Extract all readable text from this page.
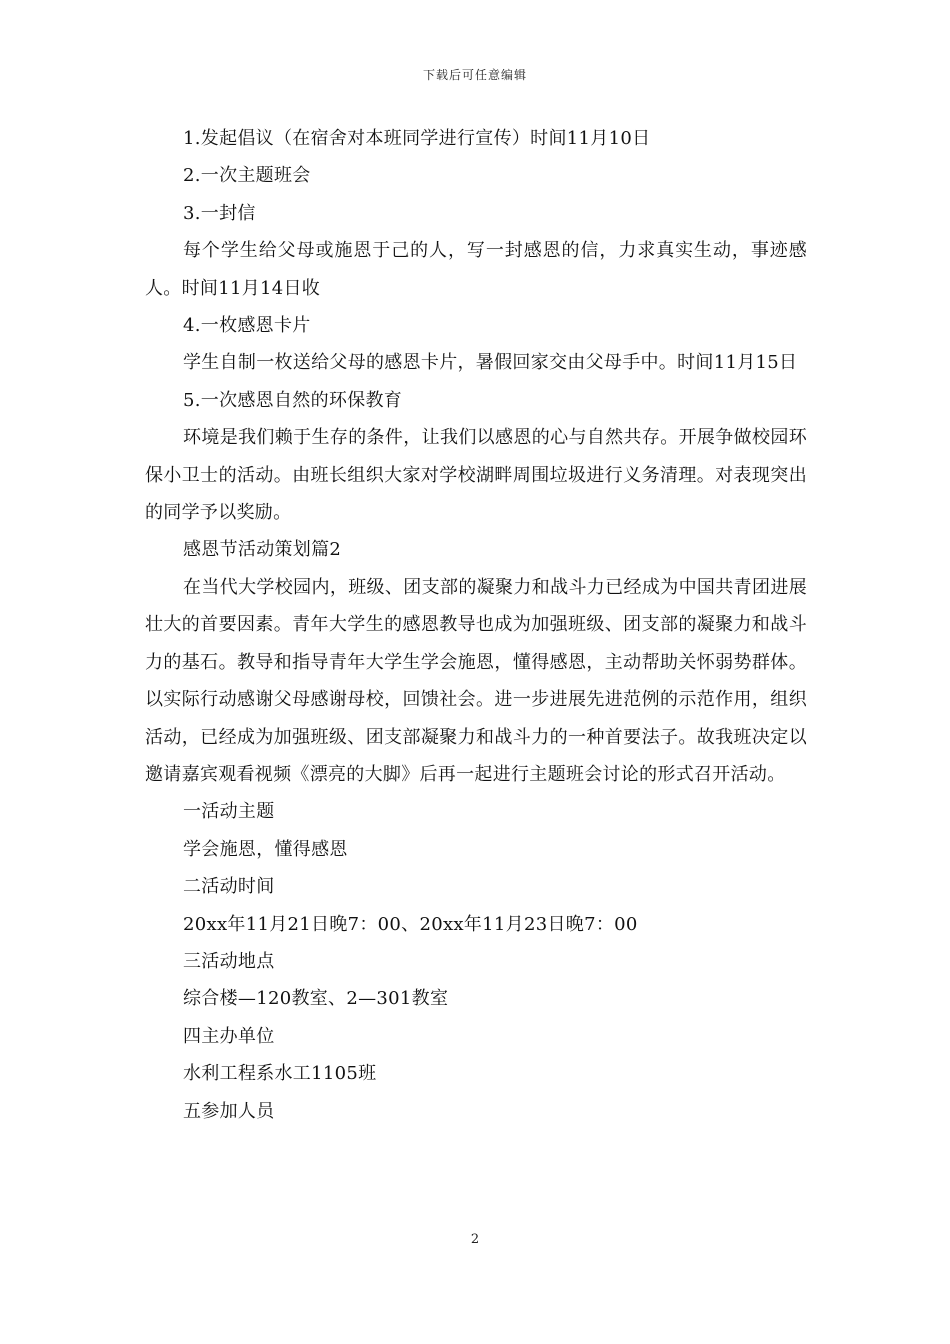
下载后可任意编辑

1.发起倡议（在宿舍对本班同学进行宣传）时间11月10日

2.一次主题班会

3.一封信

每个学生给父母或施恩于己的人，写一封感恩的信，力求真实生动，事迹感人。时间11月14日收

4.一枚感恩卡片

学生自制一枚送给父母的感恩卡片，暑假回家交由父母手中。时间11月15日

5.一次感恩自然的环保教育

环境是我们赖于生存的条件，让我们以感恩的心与自然共存。开展争做校园环保小卫士的活动。由班长组织大家对学校湖畔周围垃圾进行义务清理。对表现突出的同学予以奖励。

感恩节活动策划篇2

在当代大学校园内，班级、团支部的凝聚力和战斗力已经成为中国共青团进展壮大的首要因素。青年大学生的感恩教导也成为加强班级、团支部的凝聚力和战斗力的基石。教导和指导青年大学生学会施恩，懂得感恩，主动帮助关怀弱势群体。以实际行动感谢父母感谢母校，回馈社会。进一步进展先进范例的示范作用，组织活动，已经成为加强班级、团支部凝聚力和战斗力的一种首要法子。故我班决定以邀请嘉宾观看视频《漂亮的大脚》后再一起进行主题班会讨论的形式召开活动。

一活动主题

学会施恩，懂得感恩

二活动时间

20xx年11月21日晚7：00、20xx年11月23日晚7：00

三活动地点

综合楼—120教室、2—301教室

四主办单位

水利工程系水工1105班

五参加人员

2
